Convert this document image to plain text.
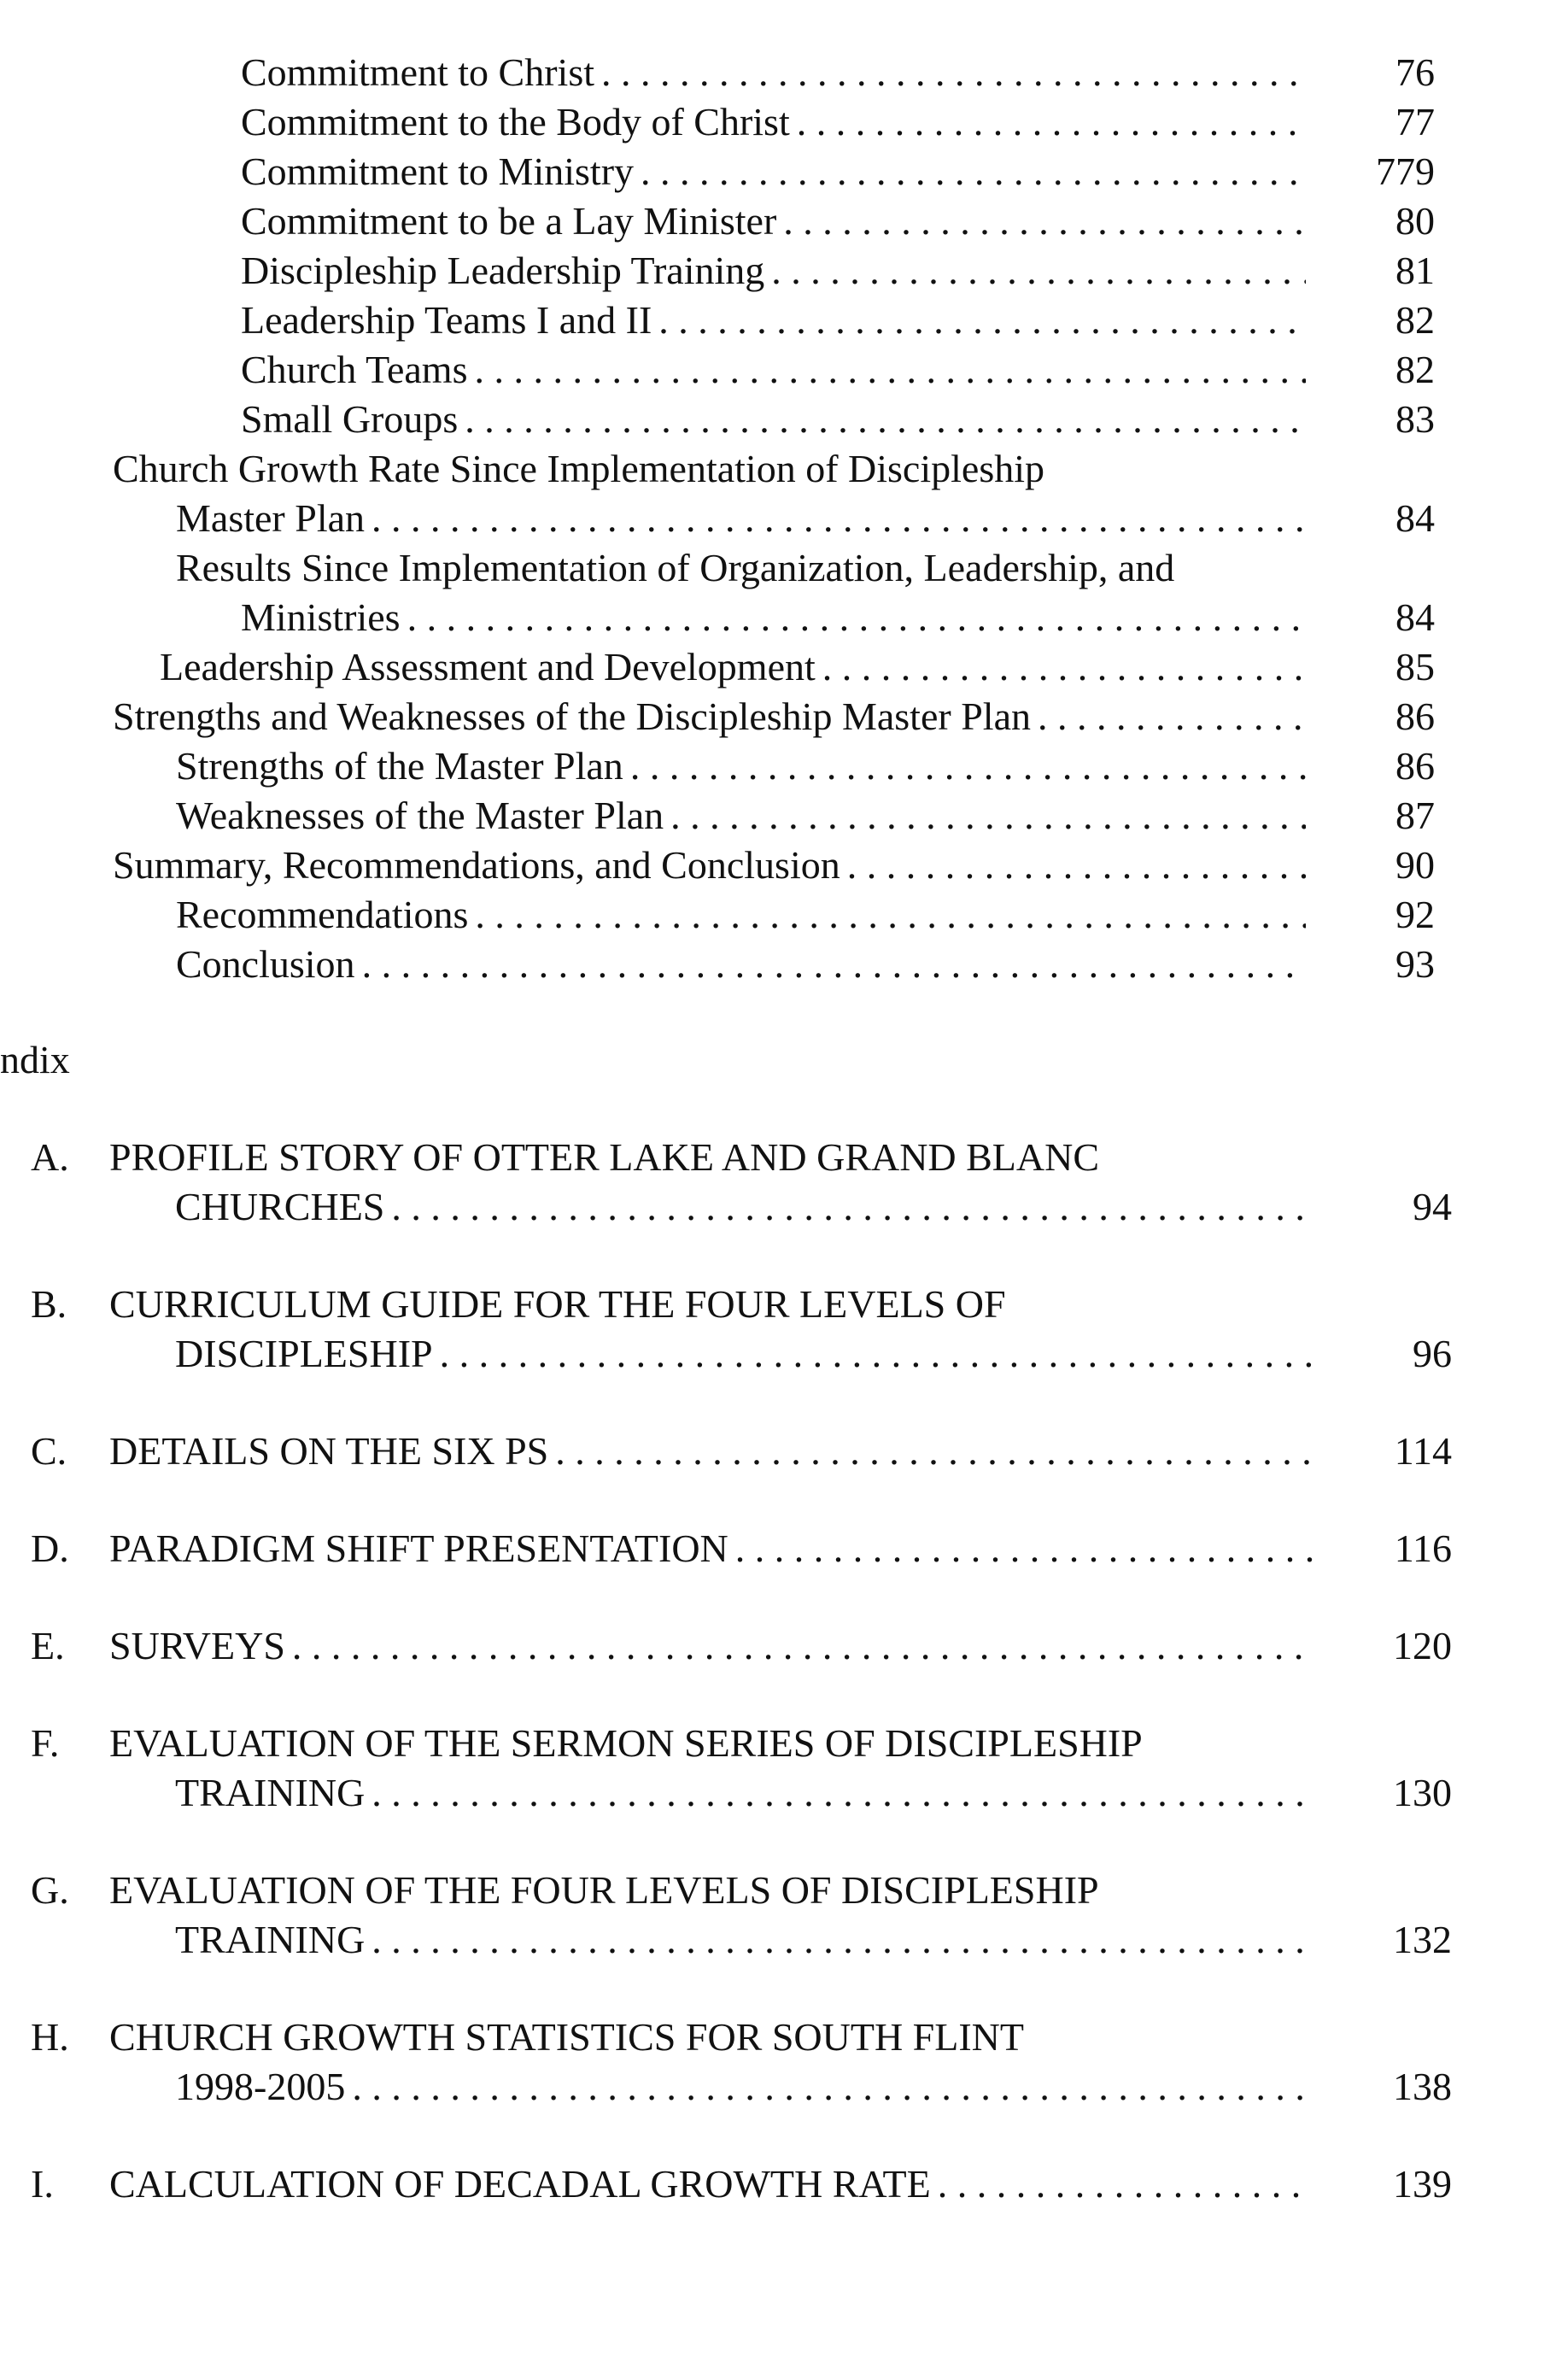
Commitment to Christ . . .	76
Commitment to the Body of Christ . . .	77
Commitment to Ministry . . .	779
Commitment to be a Lay Minister . . .	80
Discipleship Leadership Training . . .	81
Leadership Teams I and II . . .	82
Church Teams . . .	82
Small Groups . . .	83
Church Growth Rate Since Implementation of Discipleship
Master Plan . . .	84
Results Since Implementation of Organization, Leadership, and
Ministries . . .	84
Leadership Assessment and Development . . .	85
Strengths and Weaknesses of the Discipleship Master Plan . . .	86
Strengths of the Master Plan . . .	86
Weaknesses of the Master Plan . . .	87
Summary, Recommendations, and Conclusion . . .	90
Recommendations . . .	92
Conclusion . . .	93
ndix
A. PROFILE STORY OF OTTER LAKE AND GRAND BLANC
CHURCHES . . .	94
B. CURRICULUM GUIDE FOR THE FOUR LEVELS OF
DISCIPLESHIP . . .	96
C. DETAILS ON THE SIX PS . . .	114
D. PARADIGM SHIFT PRESENTATION . . .	116
E. SURVEYS . . .	120
F. EVALUATION OF THE SERMON SERIES OF DISCIPLESHIP
TRAINING . . .	130
G. EVALUATION OF THE FOUR LEVELS OF DISCIPLESHIP
TRAINING . . .	132
H. CHURCH GROWTH STATISTICS FOR SOUTH FLINT
1998-2005 . . .	138
I. CALCULATION OF DECADAL GROWTH RATE . . .	139
